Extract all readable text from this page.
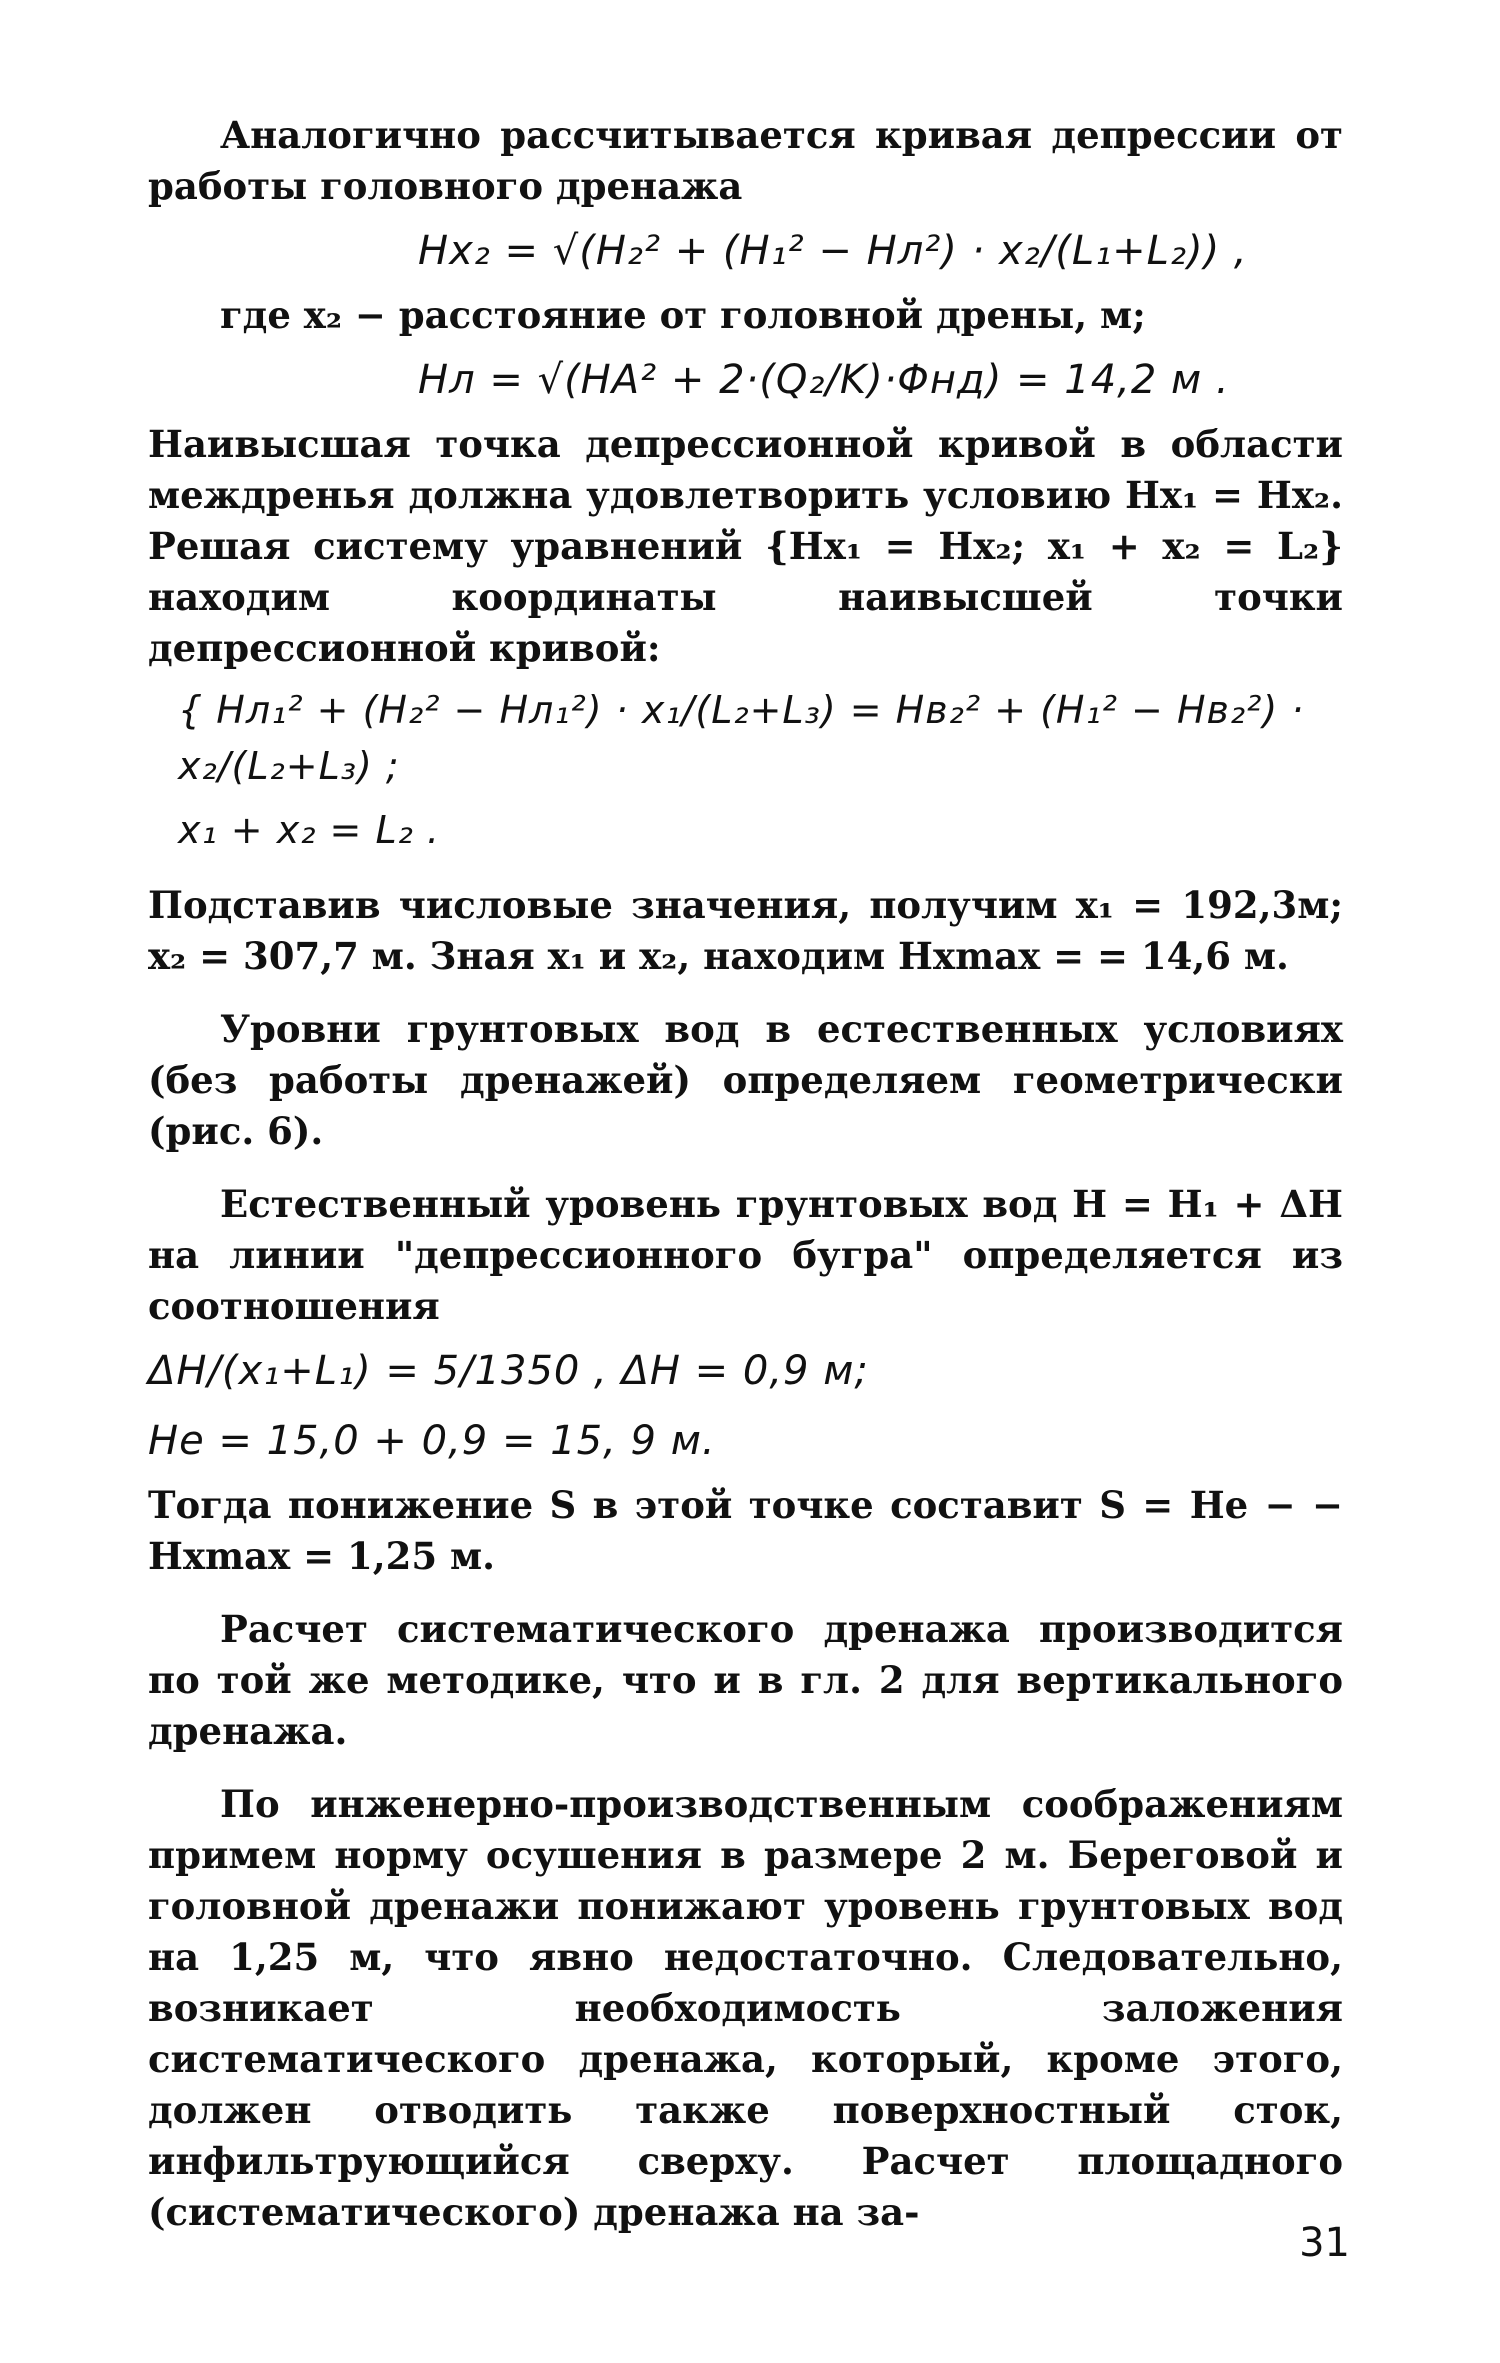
Аналогично рассчитывается кривая депрессии от работы головного дренажа

Hx₂ = √(H₂² + (H₁² − Hл²) · x₂/(L₁+L₂)) ,

где x₂ − расстояние от головной дрены, м;

Hл = √(HA² + 2·(Q₂/K)·Φнд) = 14,2 м .

Наивысшая точка депрессионной кривой в области междренья должна удовлетворить условию Hx₁ = Hx₂. Решая систему уравнений {Hx₁ = Hx₂; x₁ + x₂ = L₂} находим координаты наивысшей точки депрессионной кривой:

{ Hл₁² + (H₂² − Hл₁²) · x₁/(L₂+L₃) = Hв₂² + (H₁² − Hв₂²) · x₂/(L₂+L₃) ;
x₁ + x₂ = L₂ .

Подставив числовые значения, получим x₁ = 192,3м; x₂ = 307,7 м. Зная x₁ и x₂, находим Hxmax = = 14,6 м.

Уровни грунтовых вод в естественных условиях (без работы дренажей) определяем геометрически (рис. 6).

Естественный уровень грунтовых вод H = H₁ + ΔH на линии "депрессионного бугра" определяется из соотношения

ΔH/(x₁+L₁) = 5/1350 , ΔH = 0,9 м;
Hе = 15,0 + 0,9 = 15, 9 м.

Тогда понижение S в этой точке составит S = Hе − − Hxmax = 1,25 м.

Расчет систематического дренажа производится по той же методике, что и в гл. 2 для вертикального дренажа.

По инженерно-производственным соображениям примем норму осушения в размере 2 м. Береговой и головной дренажи понижают уровень грунтовых вод на 1,25 м, что явно недостаточно. Следовательно, возникает необходимость заложения систематического дренажа, который, кроме этого, должен отводить также поверхностный сток, инфильтрующийся сверху. Расчет площадного (систематического) дренажа на за-

31
